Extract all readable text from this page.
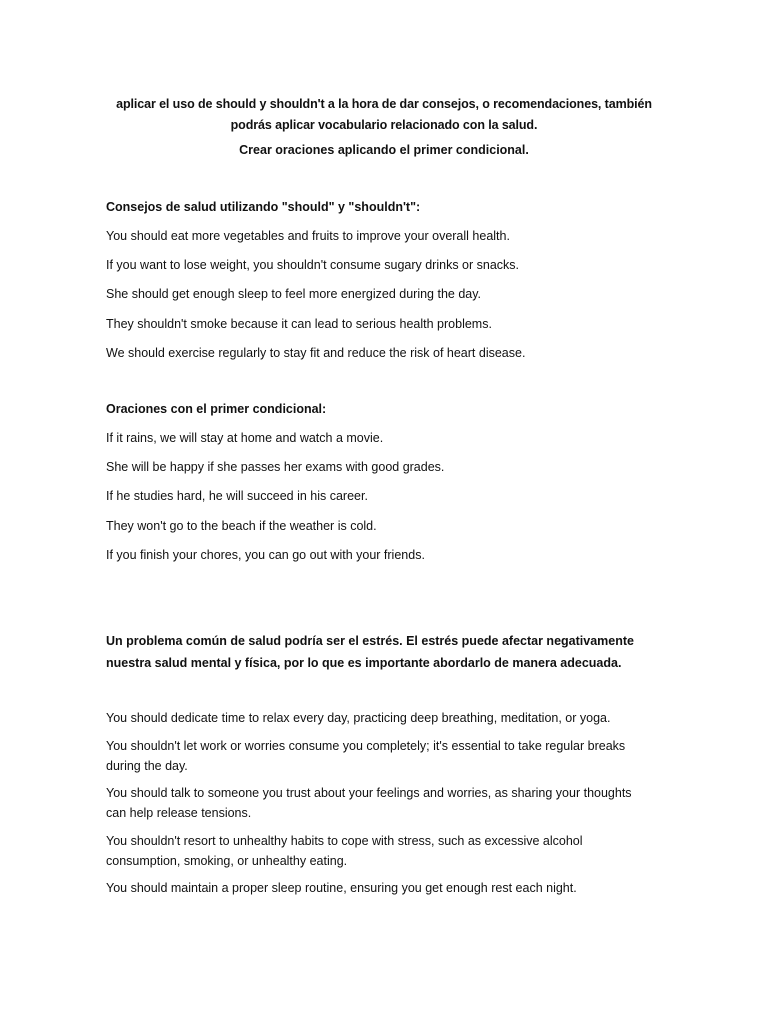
aplicar el uso de should y shouldn't a la hora de dar consejos, o recomendaciones, también podrás aplicar vocabulario relacionado con la salud.
Crear oraciones aplicando el primer condicional.
Consejos de salud utilizando "should" y "shouldn't":
You should eat more vegetables and fruits to improve your overall health.
If you want to lose weight, you shouldn't consume sugary drinks or snacks.
She should get enough sleep to feel more energized during the day.
They shouldn't smoke because it can lead to serious health problems.
We should exercise regularly to stay fit and reduce the risk of heart disease.
Oraciones con el primer condicional:
If it rains, we will stay at home and watch a movie.
She will be happy if she passes her exams with good grades.
If he studies hard, he will succeed in his career.
They won't go to the beach if the weather is cold.
If you finish your chores, you can go out with your friends.
Un problema común de salud podría ser el estrés. El estrés puede afectar negativamente nuestra salud mental y física, por lo que es importante abordarlo de manera adecuada.
You should dedicate time to relax every day, practicing deep breathing, meditation, or yoga.
You shouldn't let work or worries consume you completely; it's essential to take regular breaks during the day.
You should talk to someone you trust about your feelings and worries, as sharing your thoughts can help release tensions.
You shouldn't resort to unhealthy habits to cope with stress, such as excessive alcohol consumption, smoking, or unhealthy eating.
You should maintain a proper sleep routine, ensuring you get enough rest each night.
